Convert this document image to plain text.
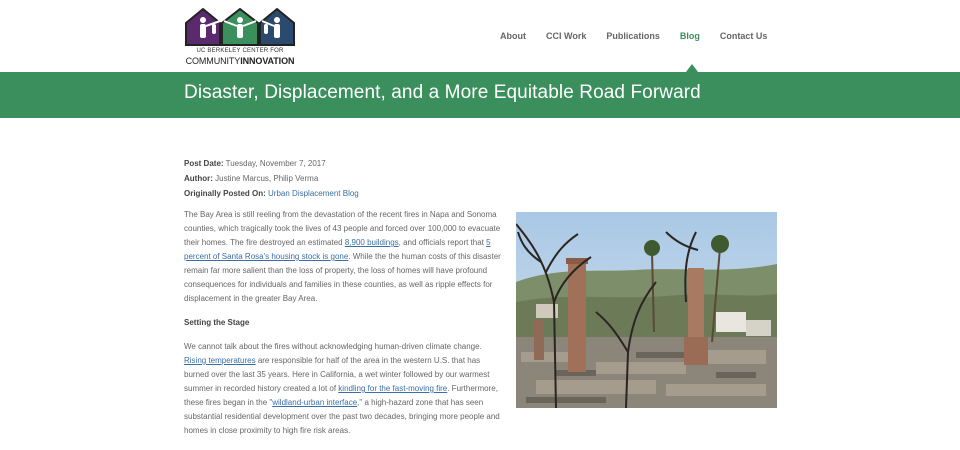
UC BERKELEY CENTER FOR
COMMUNITYINNOVATION
About CCI Work Publications Blog Contact Us
Disaster, Displacement, and a More Equitable Road Forward
Post Date: Tuesday, November 7, 2017
Author: Justine Marcus, Philip Verma
Originally Posted On: Urban Displacement Blog

The Bay Area is still reeling from the devastation of the recent fires in Napa and Sonoma counties, which tragically took the lives of 43 people and forced over 100,000 to evacuate their homes. The fire destroyed an estimated 8,900 buildings, and officials report that 5 percent of Santa Rosa's housing stock is gone. While the the human costs of this disaster remain far more salient than the loss of property, the loss of homes will have profound consequences for individuals and families in these counties, as well as ripple effects for displacement in the greater Bay Area.

Setting the Stage

We cannot talk about the fires without acknowledging human-driven climate change. Rising temperatures are responsible for half of the area in the western U.S. that has burned over the last 35 years. Here in California, a wet winter followed by our warmest summer in recorded history created a lot of kindling for the fast-moving fire. Furthermore, these fires began in the "wildland-urban interface," a high-hazard zone that has seen substantial residential development over the past two decades, bringing more people and homes in close proximity to high fire risk areas.
